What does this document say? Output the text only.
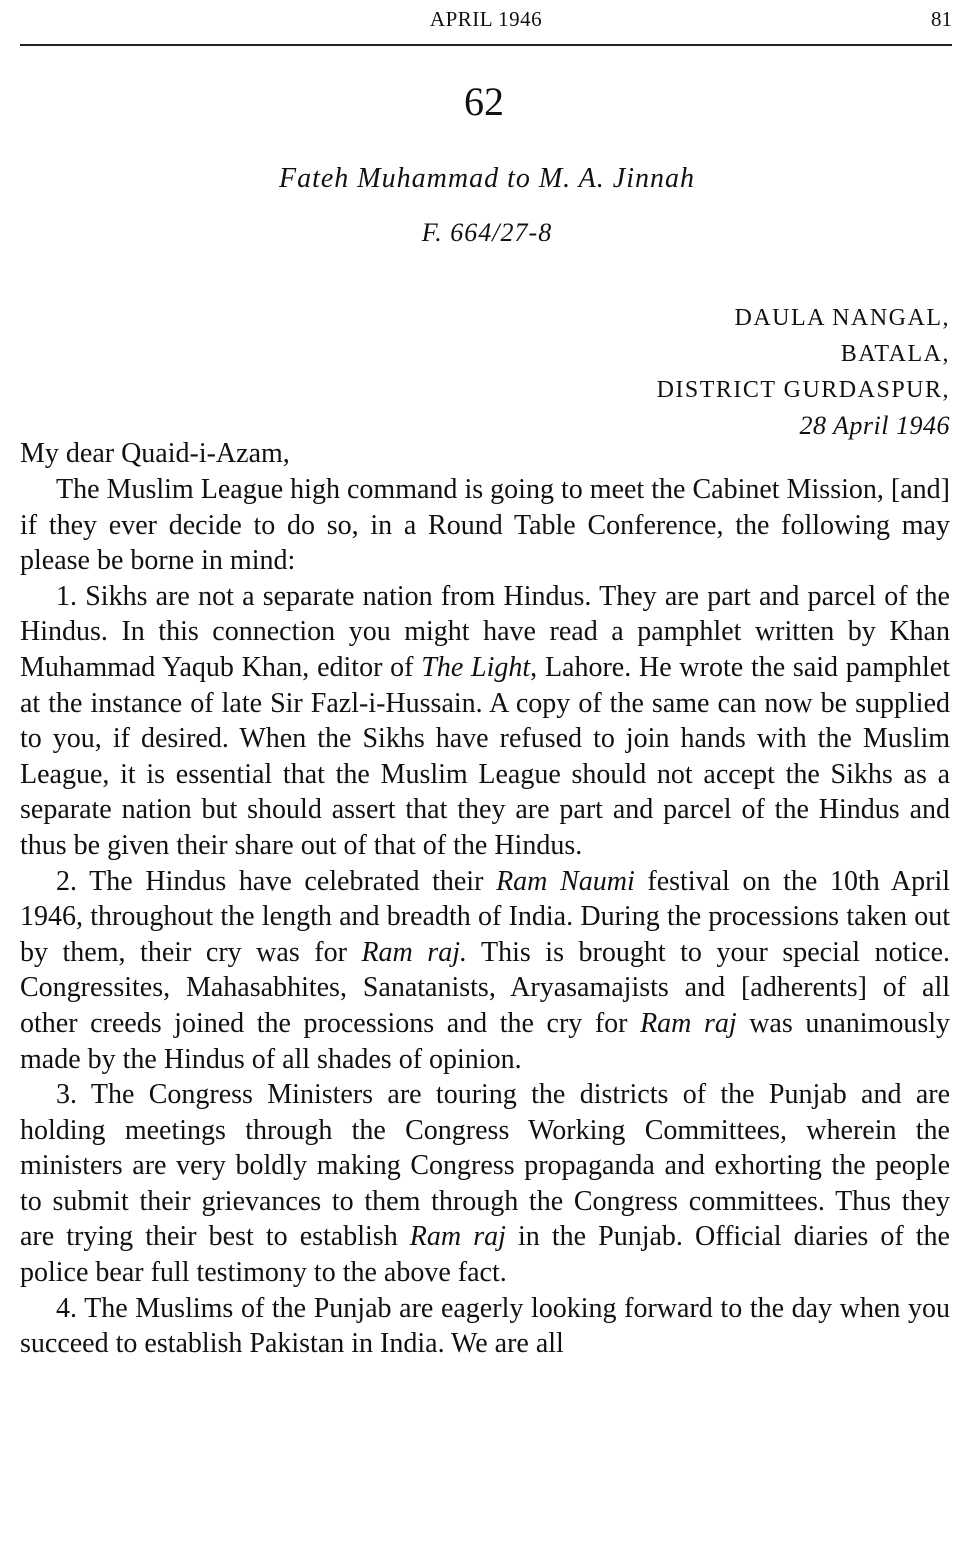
APRIL 1946	81
62
Fateh Muhammad to M. A. Jinnah
F. 664/27-8
DAULA NANGAL,
BATALA,
DISTRICT GURDASPUR,
28 April 1946
My dear Quaid-i-Azam,

The Muslim League high command is going to meet the Cabinet Mission, [and] if they ever decide to do so, in a Round Table Conference, the following may please be borne in mind:

1. Sikhs are not a separate nation from Hindus. They are part and parcel of the Hindus. In this connection you might have read a pamphlet written by Khan Muhammad Yaqub Khan, editor of The Light, Lahore. He wrote the said pamphlet at the instance of late Sir Fazl-i-Hussain. A copy of the same can now be supplied to you, if desired. When the Sikhs have refused to join hands with the Muslim League, it is essential that the Muslim League should not accept the Sikhs as a separate nation but should assert that they are part and parcel of the Hindus and thus be given their share out of that of the Hindus.

2. The Hindus have celebrated their Ram Naumi festival on the 10th April 1946, throughout the length and breadth of India. During the processions taken out by them, their cry was for Ram raj. This is brought to your special notice. Congressites, Mahasabhites, Sanatanists, Aryasamajists and [adherents] of all other creeds joined the processions and the cry for Ram raj was unanimously made by the Hindus of all shades of opinion.

3. The Congress Ministers are touring the districts of the Punjab and are holding meetings through the Congress Working Committees, wherein the ministers are very boldly making Congress propaganda and exhorting the people to submit their grievances to them through the Congress committees. Thus they are trying their best to establish Ram raj in the Punjab. Official diaries of the police bear full testimony to the above fact.

4. The Muslims of the Punjab are eagerly looking forward to the day when you succeed to establish Pakistan in India. We are all
